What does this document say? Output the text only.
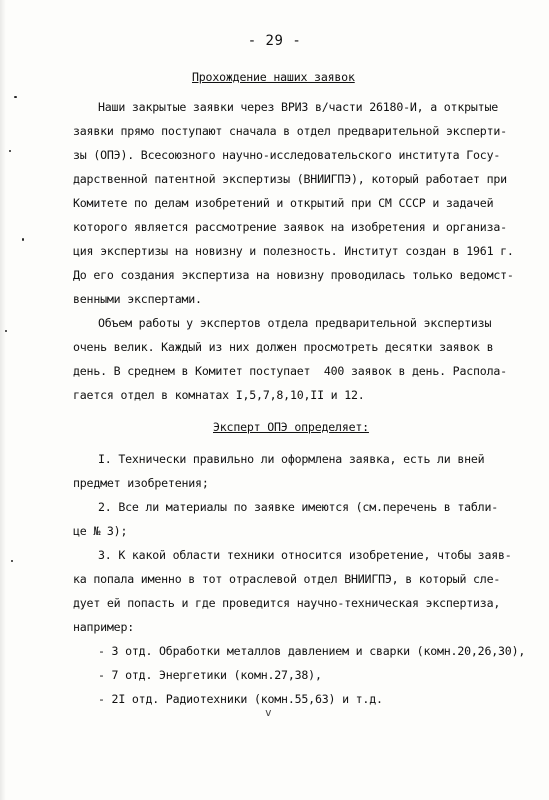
- 29 -
Прохождение наших заявок
Наши закрытые заявки через ВРИЗ в/части 26180-И, а открытые
заявки прямо поступают сначала в отдел предварительной эксперти-
зы (ОПЭ). Всесоюзного научно-исследовательского института Госу-
дарственной патентной экспертизы (ВНИИГПЭ), который работает при
Комитете по делам изобретений и открытий при СМ СССР и задачей
которого является рассмотрение заявок на изобретения и организа-
ция экспертизы на новизну и полезность. Институт создан в 1961 г.
До его создания экспертиза на новизну проводилась только ведомст-
венными экспертами.
Объем работы у экспертов отдела предварительной экспертизы
очень велик. Каждый из них должен просмотреть десятки заявок в
день. В среднем в Комитет поступает  400 заявок в день. Распола-
гается отдел в комнатах I,5,7,8,10,II и 12.
Эксперт ОПЭ определяет:
I. Технически правильно ли оформлена заявка, есть ли вней
предмет изобретения;
2. Все ли материалы по заявке имеются (см.перечень в табли-
це № 3);
3. К какой области техники относится изобретение, чтобы заяв-
ка попала именно в тот отраслевой отдел ВНИИГПЭ, в который сле-
дует ей попасть и где проведится научно-техническая экспертиза,
например:
- 3 отд. Обработки металлов давлением и сварки (комн.20,26,30),
- 7 отд. Энергетики (комн.27,38),
- 2I отд. Радиотехники (комн.55,63) и т.д.
v
